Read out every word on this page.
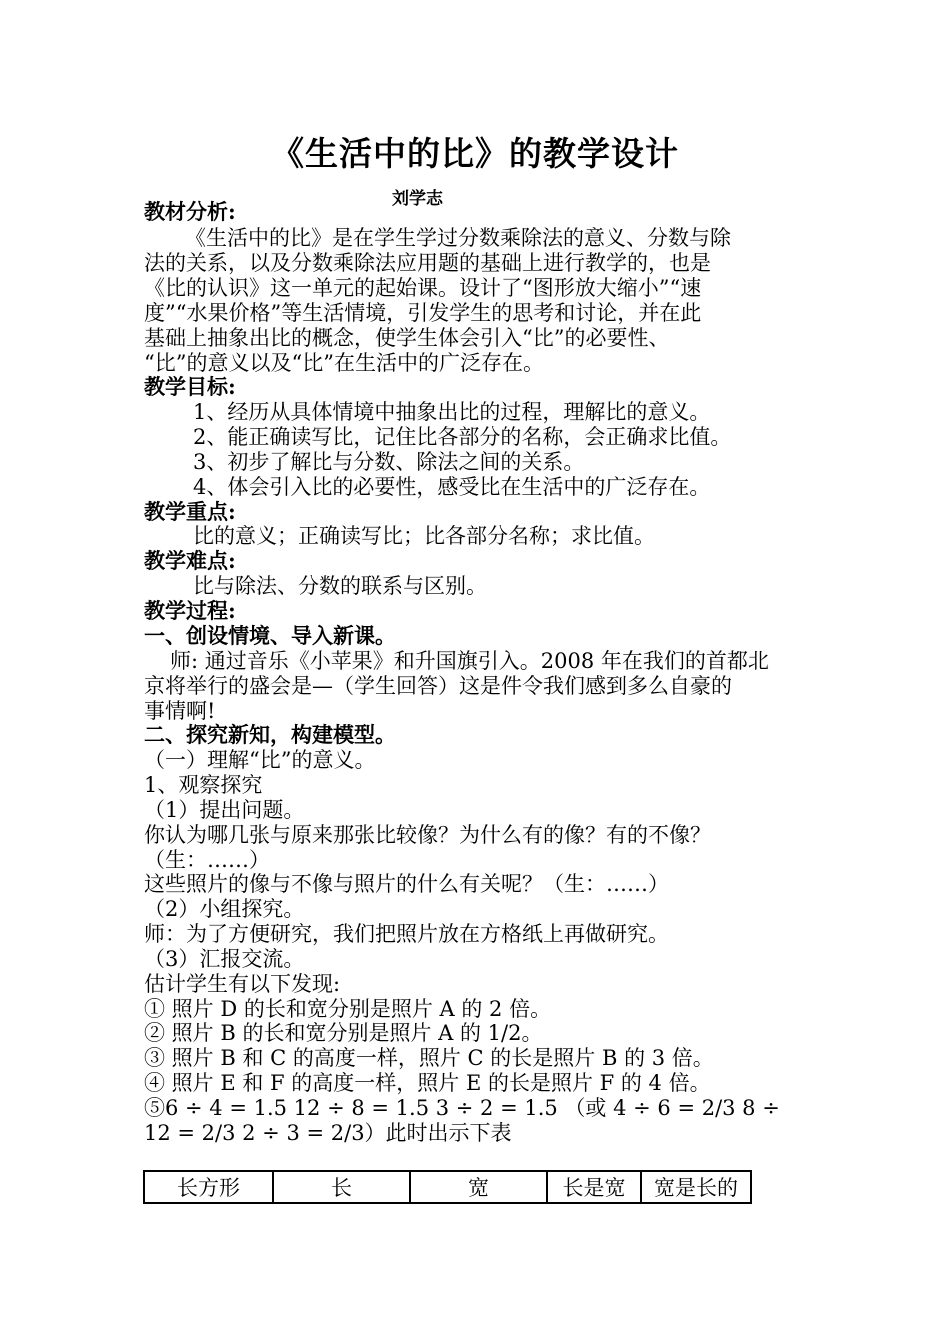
《生活中的比》的教学设计
刘学志
教材分析:
《生活中的比》是在学生学过分数乘除法的意义、分数与除
法的关系，以及分数乘除法应用题的基础上进行教学的，也是
《比的认识》这一单元的起始课。设计了“图形放大缩小”“速
度”“水果价格”等生活情境，引发学生的思考和讨论，并在此
基础上抽象出比的概念，使学生体会引入“比”的必要性、
“比”的意义以及“比”在生活中的广泛存在。
教学目标:
1、经历从具体情境中抽象出比的过程，理解比的意义。
2、能正确读写比，记住比各部分的名称，会正确求比值。
3、初步了解比与分数、除法之间的关系。
4、体会引入比的必要性，感受比在生活中的广泛存在。
教学重点:
比的意义；正确读写比；比各部分名称；求比值。
教学难点:
比与除法、分数的联系与区别。
教学过程:
一、创设情境、导入新课。
师: 通过音乐《小苹果》和升国旗引入。2008 年在我们的首都北
京将举行的盛会是—（学生回答）这是件令我们感到多么自豪的
事情啊!
二、探究新知，构建模型。
（一）理解“比”的意义。
1、观察探究
（1）提出问题。
你认为哪几张与原来那张比较像？为什么有的像？有的不像？
（生：……）
这些照片的像与不像与照片的什么有关呢？（生：……）
（2）小组探究。
师：为了方便研究，我们把照片放在方格纸上再做研究。
（3）汇报交流。
估计学生有以下发现:
① 照片 D 的长和宽分别是照片 A 的 2 倍。
② 照片 B 的长和宽分别是照片 A 的 1/2。
③ 照片 B 和 C 的高度一样，照片 C 的长是照片 B 的 3 倍。
④ 照片 E 和 F 的高度一样，照片 E 的长是照片 F 的 4 倍。
⑤6 ÷ 4 = 1.5 12 ÷ 8 = 1.5 3 ÷ 2 = 1.5 （或 4 ÷ 6 = 2/3 8 ÷
12 = 2/3 2 ÷ 3 = 2/3）此时出示下表
长方形	长	宽	长是宽	宽是长的
